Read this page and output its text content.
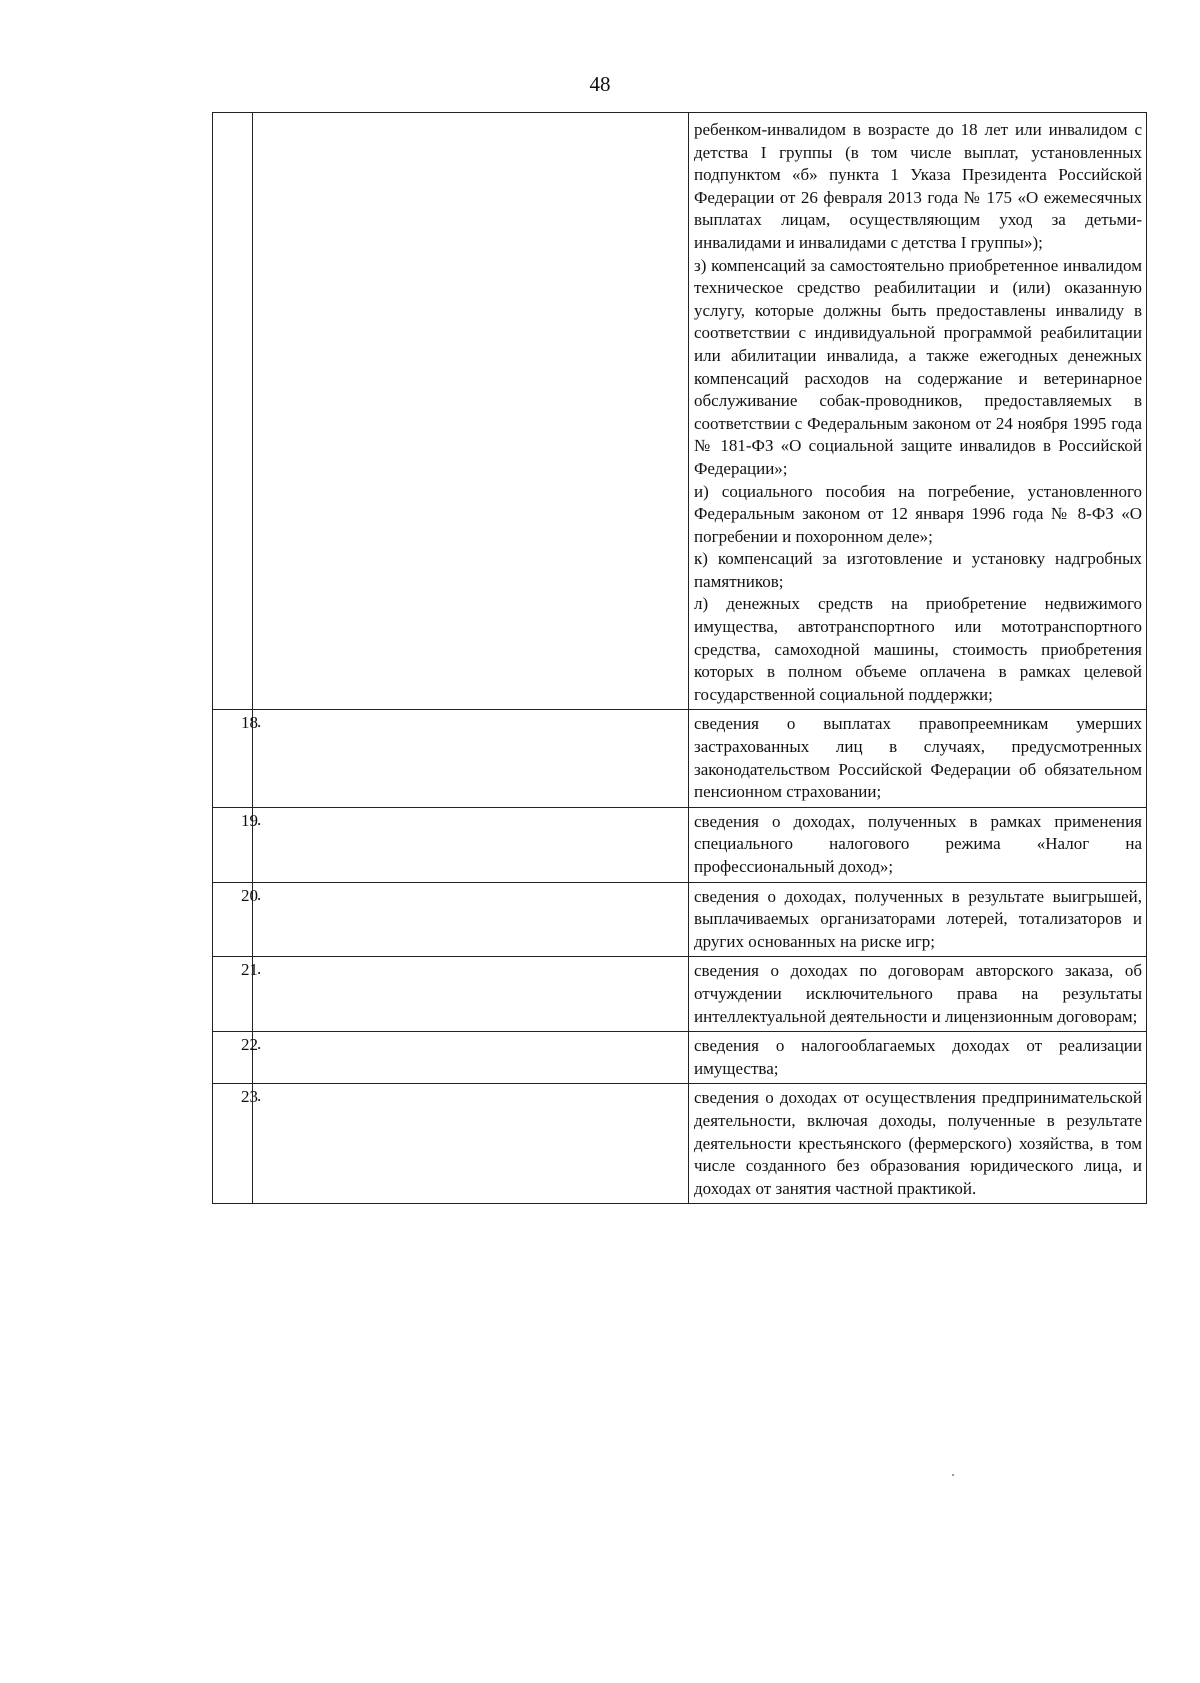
48

		ребенком-инвалидом в возрасте до 18 лет или инвалидом с детства I группы (в том числе выплат, установленных подпунктом «б» пункта 1 Указа Президента Российской Федерации от 26 февраля 2013 года № 175 «О ежемесячных выплатах лицам, осуществляющим уход за детьми-инвалидами и инвалидами с детства I группы»);

з) компенсаций за самостоятельно приобретенное инвалидом техническое средство реабилитации и (или) оказанную услугу, которые должны быть предоставлены инвалиду в соответствии с индивидуальной программой реабилитации или абилитации инвалида, а также ежегодных денежных компенсаций расходов на содержание и ветеринарное обслуживание собак-проводников, предоставляемых в соответствии с Федеральным законом от 24 ноября 1995 года № 181-ФЗ «О социальной защите инвалидов в Российской Федерации»;

и) социального пособия на погребение, установленного Федеральным законом от 12 января 1996 года № 8-ФЗ «О погребении и похоронном деле»;

к) компенсаций за изготовление и установку надгробных памятников;

л) денежных средств на приобретение недвижимого имущества, автотранспортного или мототранспортного средства, самоходной машины, стоимость приобретения которых в полном объеме оплачена в рамках целевой государственной социальной поддержки;

18	.	сведения о выплатах правопреемникам умерших застрахованных лиц в случаях, предусмотренных законодательством Российской Федерации об обязательном пенсионном страховании;

19	.	сведения о доходах, полученных в рамках применения специального налогового режима «Налог на профессиональный доход»;

20	.	сведения о доходах, полученных в результате выигрышей, выплачиваемых организаторами лотерей, тотализаторов и других основанных на риске игр;

21	.	сведения о доходах по договорам авторского заказа, об отчуждении исключительного права на результаты интеллектуальной деятельности и лицензионным договорам;

22	.	сведения о налогооблагаемых доходах от реализации имущества;

23	.	сведения о доходах от осуществления предпринимательской деятельности, включая доходы, полученные в результате деятельности крестьянского (фермерского) хозяйства, в том числе созданного без образования юридического лица, и доходах от занятия частной практикой.
